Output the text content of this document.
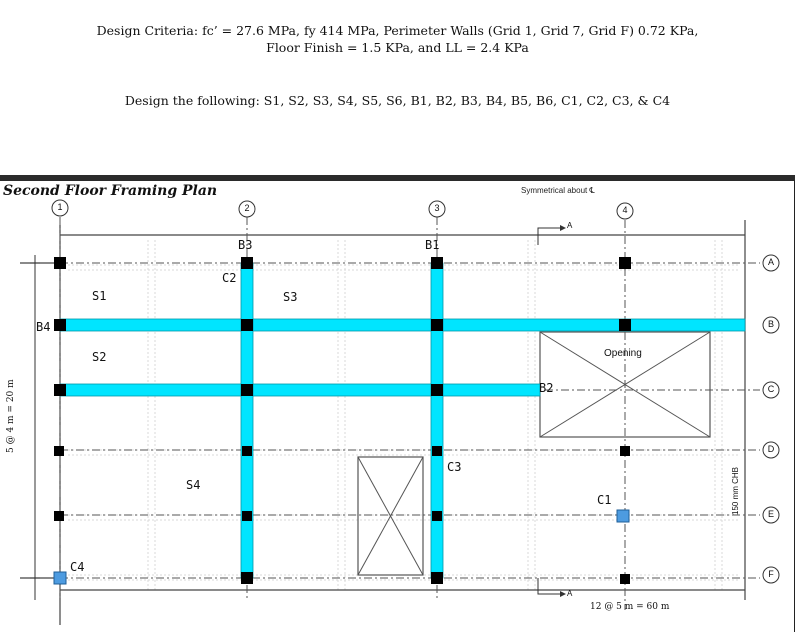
Design Criteria: fc’ = 27.6 MPa, fy 414 MPa, Perimeter Walls (Grid 1, Grid 7, Grid F) 0.72 KPa,
Floor Finish = 1.5 KPa, and LL = 2.4 KPa
Design the following: S1, S2, S3, S4, S5, S6, B1, B2, B3, B4, B5, B6, C1, C2, C3, & C4
Second Floor Framing Plan	Symmetrical about ℄
1	2	3	4
A
B
C
D
E
F
B3	B1
B4
B2
C2
C3
C1
C4
S1	S3
S2
S4
Opening
A
A
5 @ 4 m = 20 m
12 @ 5 m = 60 m
150 mm CHB
